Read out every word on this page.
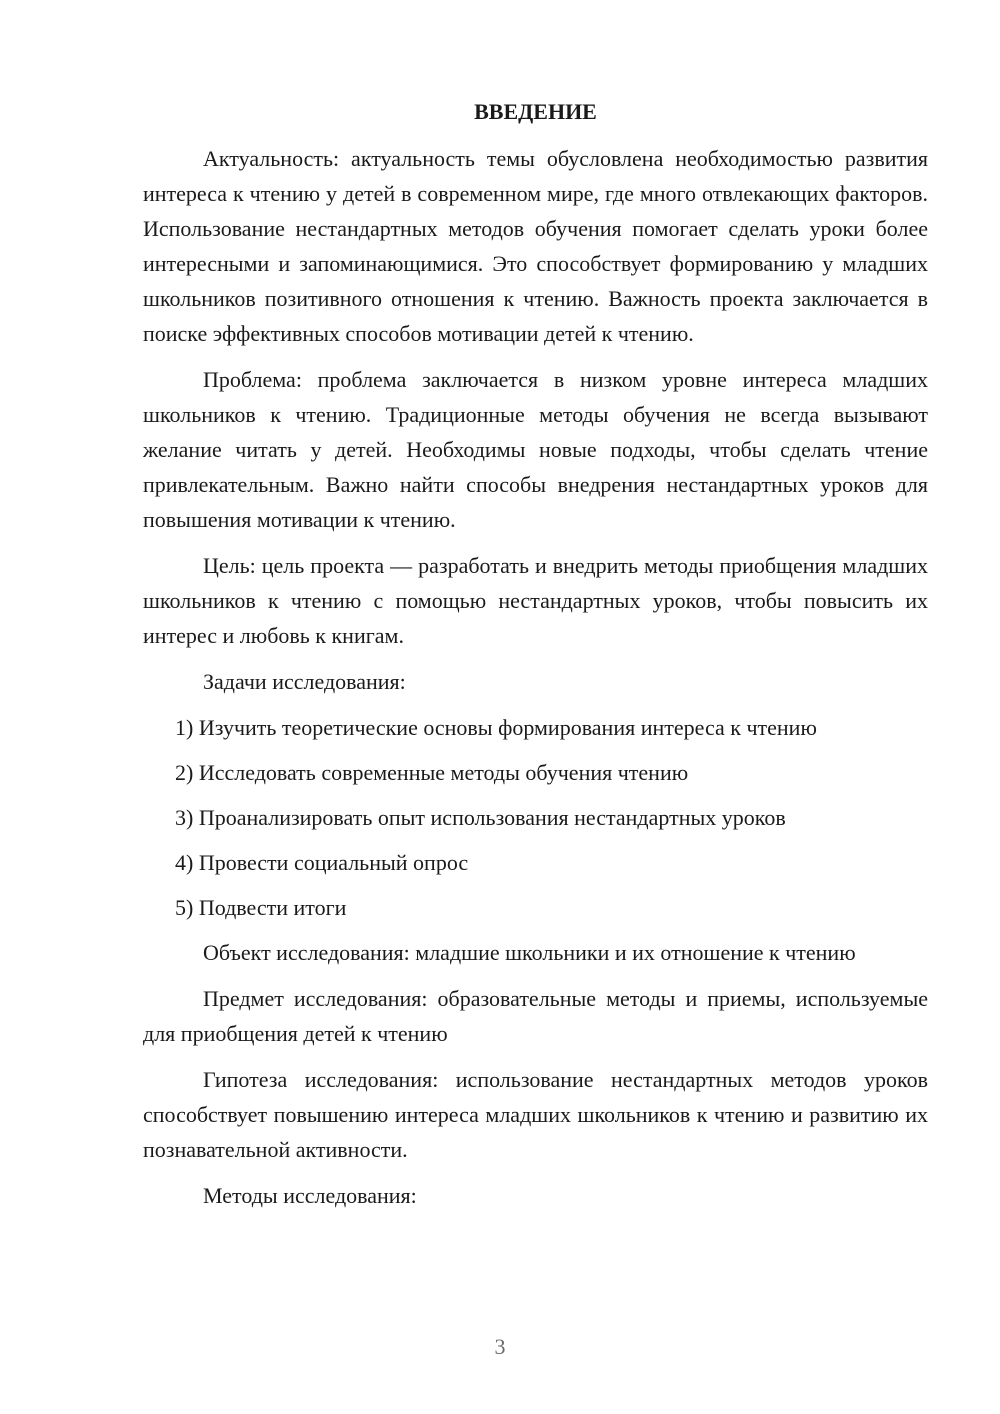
ВВЕДЕНИЕ

Актуальность: актуальность темы обусловлена необходимостью развития интереса к чтению у детей в современном мире, где много отвлекающих факторов. Использование нестандартных методов обучения помогает сделать уроки более интересными и запоминающимися. Это способствует формированию у младших школьников позитивного отношения к чтению. Важность проекта заключается в поиске эффективных способов мотивации детей к чтению.

Проблема: проблема заключается в низком уровне интереса младших школьников к чтению. Традиционные методы обучения не всегда вызывают желание читать у детей. Необходимы новые подходы, чтобы сделать чтение привлекательным. Важно найти способы внедрения нестандартных уроков для повышения мотивации к чтению.

Цель: цель проекта — разработать и внедрить методы приобщения младших школьников к чтению с помощью нестандартных уроков, чтобы повысить их интерес и любовь к книгам.

Задачи исследования:

1) Изучить теоретические основы формирования интереса к чтению
2) Исследовать современные методы обучения чтению
3) Проанализировать опыт использования нестандартных уроков
4) Провести социальный опрос
5) Подвести итоги

Объект исследования: младшие школьники и их отношение к чтению

Предмет исследования: образовательные методы и приемы, используемые для приобщения детей к чтению

Гипотеза исследования: использование нестандартных методов уроков способствует повышению интереса младших школьников к чтению и развитию их познавательной активности.

Методы исследования:

3
